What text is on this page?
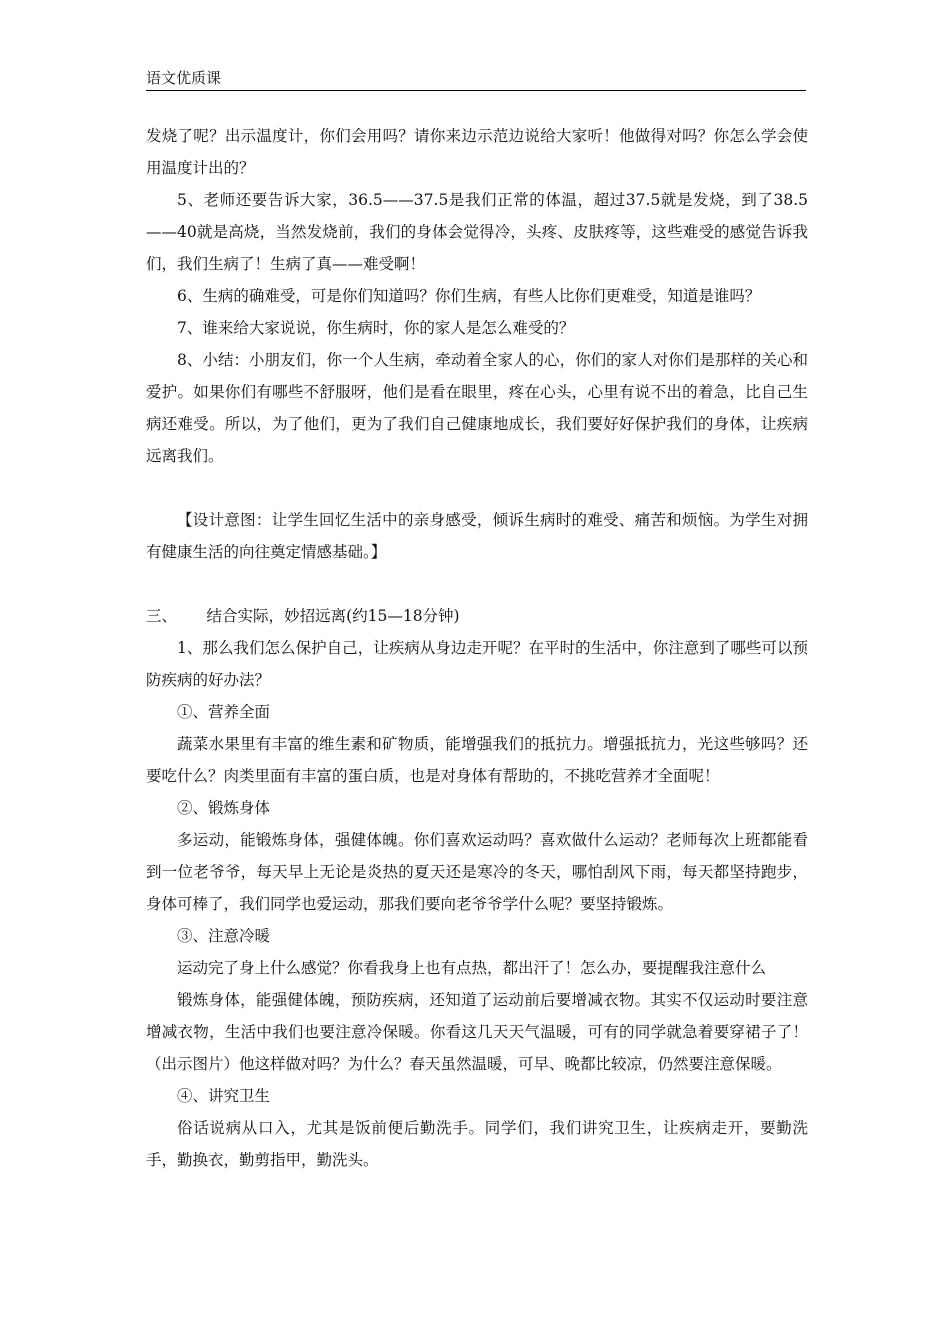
语文优质课

发烧了呢？出示温度计，你们会用吗？请你来边示范边说给大家听！他做得对吗？你怎么学会使用温度计出的？

5、老师还要告诉大家，36.5——37.5是我们正常的体温，超过37.5就是发烧，到了38.5——40就是高烧，当然发烧前，我们的身体会觉得冷，头疼、皮肤疼等，这些难受的感觉告诉我们，我们生病了！生病了真——难受啊！

6、生病的确难受，可是你们知道吗？你们生病，有些人比你们更难受，知道是谁吗？

7、谁来给大家说说，你生病时，你的家人是怎么难受的？

8、小结：小朋友们，你一个人生病，牵动着全家人的心，你们的家人对你们是那样的关心和爱护。如果你们有哪些不舒服呀，他们是看在眼里，疼在心头，心里有说不出的着急，比自己生病还难受。所以，为了他们，更为了我们自己健康地成长，我们要好好保护我们的身体，让疾病远离我们。

【设计意图：让学生回忆生活中的亲身感受，倾诉生病时的难受、痛苦和烦恼。为学生对拥有健康生活的向往奠定情感基础。】

三、      结合实际，妙招远离(约15—18分钟)

1、那么我们怎么保护自己，让疾病从身边走开呢？在平时的生活中，你注意到了哪些可以预防疾病的好办法？

①、营养全面

蔬菜水果里有丰富的维生素和矿物质，能增强我们的抵抗力。增强抵抗力，光这些够吗？还要吃什么？肉类里面有丰富的蛋白质，也是对身体有帮助的，不挑吃营养才全面呢！

②、锻炼身体

多运动，能锻炼身体，强健体魄。你们喜欢运动吗？喜欢做什么运动？老师每次上班都能看到一位老爷爷，每天早上无论是炎热的夏天还是寒冷的冬天，哪怕刮风下雨，每天都坚持跑步，身体可棒了，我们同学也爱运动，那我们要向老爷爷学什么呢？要坚持锻炼。

③、注意冷暖

运动完了身上什么感觉？你看我身上也有点热，都出汗了！怎么办，要提醒我注意什么

锻炼身体，能强健体魄，预防疾病，还知道了运动前后要增减衣物。其实不仅运动时要注意增减衣物，生活中我们也要注意冷保暖。你看这几天天气温暖，可有的同学就急着要穿裙子了！（出示图片）他这样做对吗？为什么？春天虽然温暖，可早、晚都比较凉，仍然要注意保暖。

④、讲究卫生

俗话说病从口入，尤其是饭前便后勤洗手。同学们，我们讲究卫生，让疾病走开，要勤洗手，勤换衣，勤剪指甲，勤洗头。
